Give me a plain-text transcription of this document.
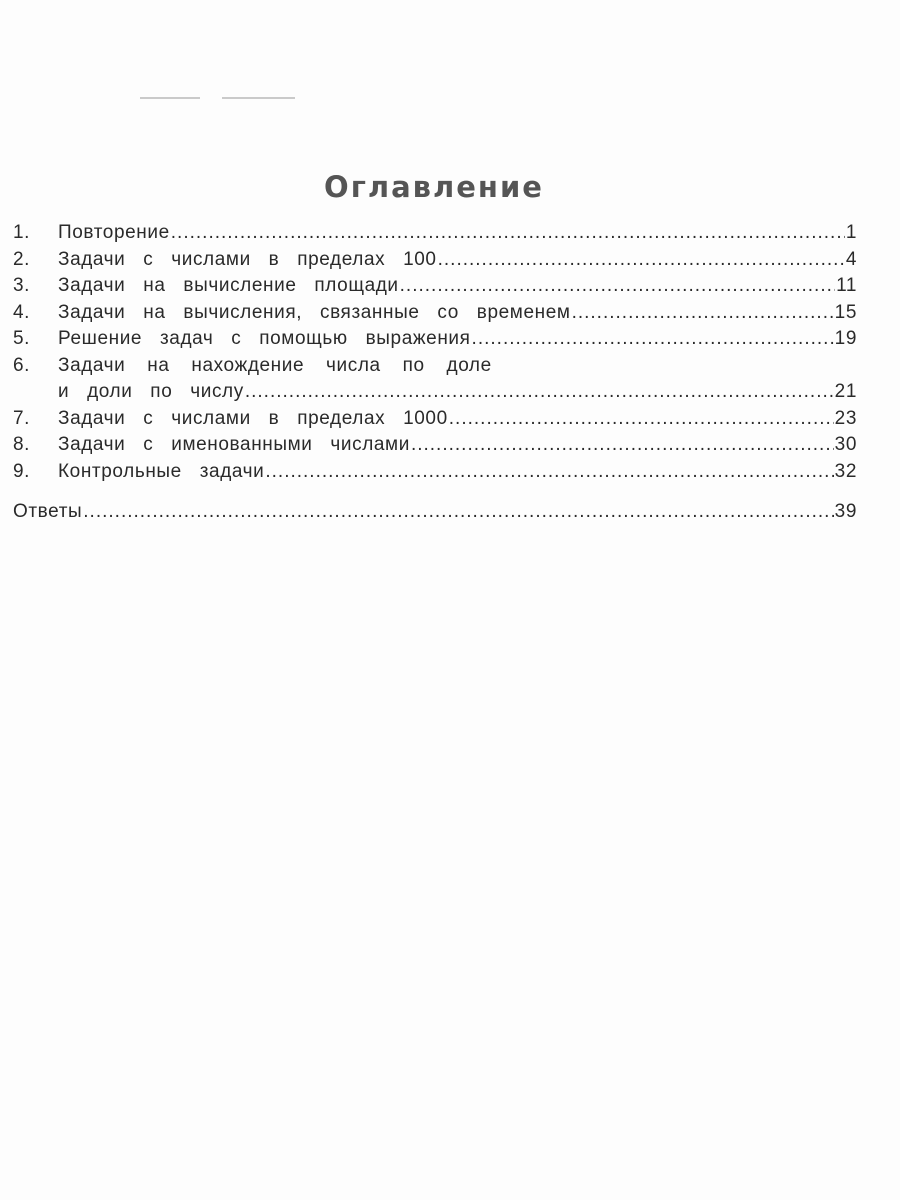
Оглавление
1.	Повторение .....	1
2.	Задачи с числами в пределах 100 .....	4
3.	Задачи на вычисление площади .....	11
4.	Задачи на вычисления, связанные со временем .....	15
5.	Решение задач с помощью выражения .....	19
6.	Задачи на нахождение числа по доле
и доли по числу .....	21
7.	Задачи с числами в пределах 1000 .....	23
8.	Задачи с именованными числами .....	30
9.	Контрольные задачи .....	32
Ответы .....	39
